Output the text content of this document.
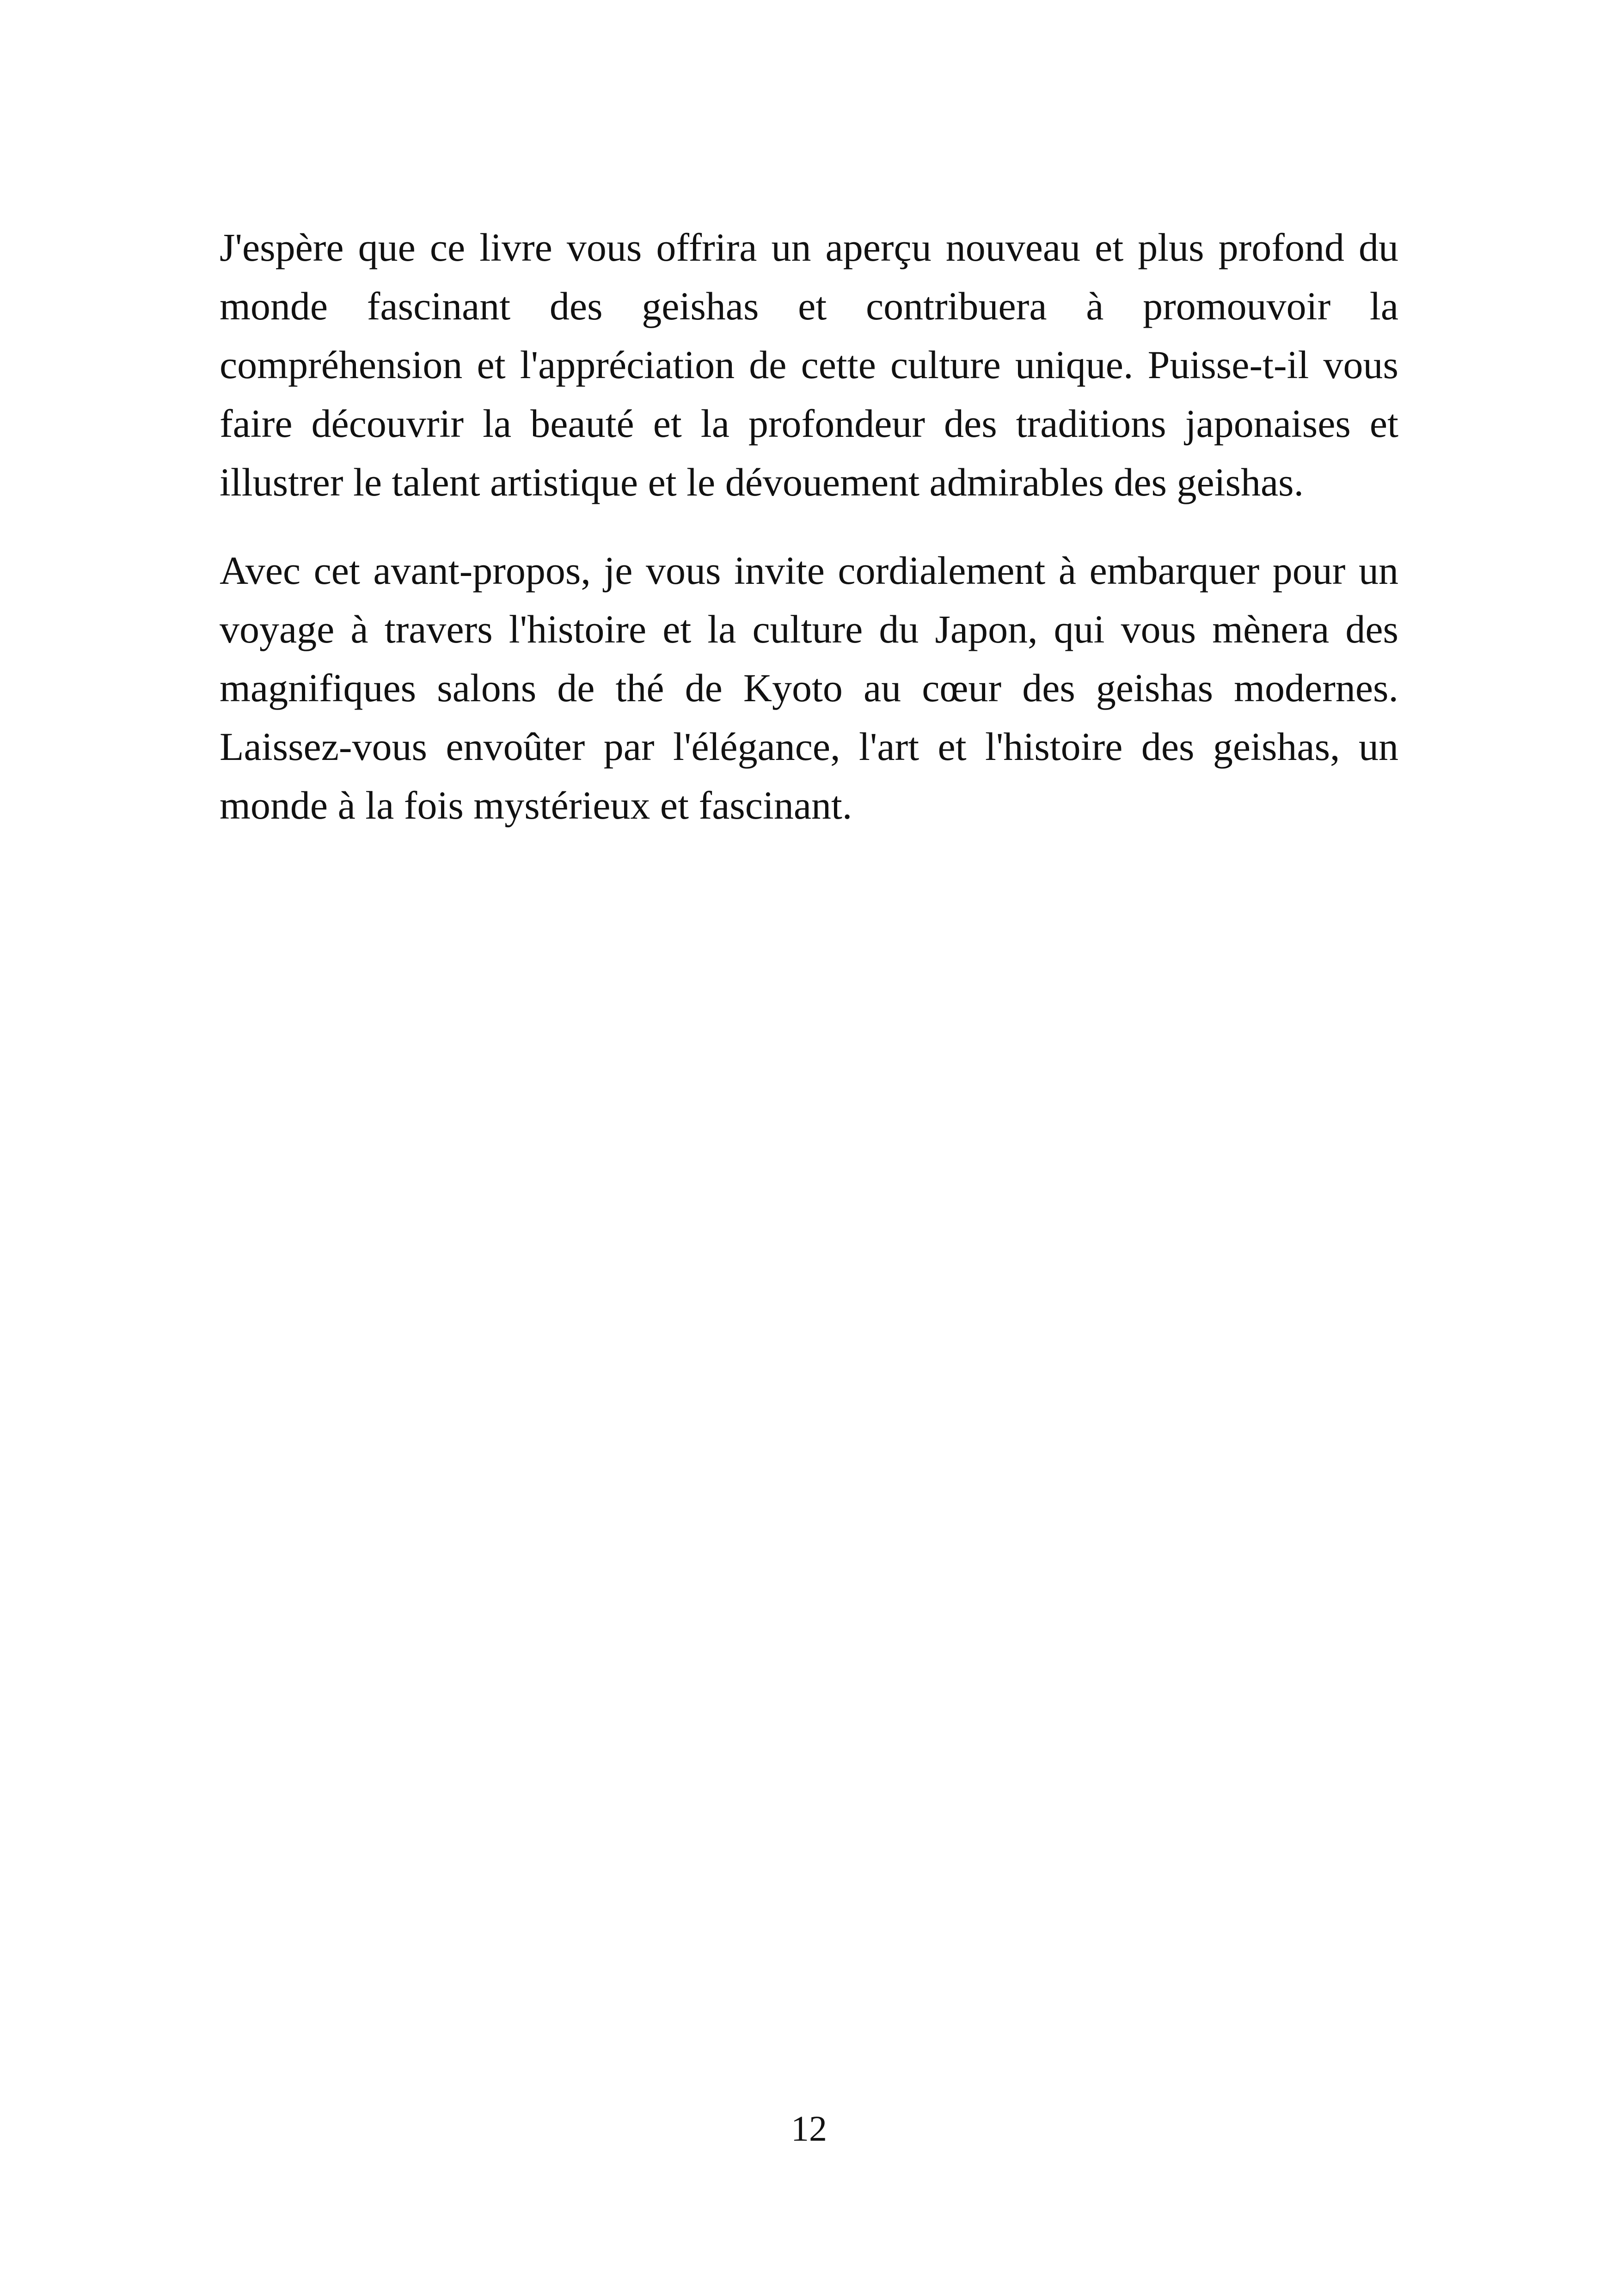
J'espère que ce livre vous offrira un aperçu nouveau et plus profond du monde fascinant des geishas et contribuera à promouvoir la compréhension et l'appréciation de cette culture unique. Puisse-t-il vous faire découvrir la beauté et la profondeur des traditions japonaises et illustrer le talent artistique et le dévouement admirables des geishas.

Avec cet avant-propos, je vous invite cordialement à embarquer pour un voyage à travers l'histoire et la culture du Japon, qui vous mènera des magnifiques salons de thé de Kyoto au cœur des geishas modernes. Laissez-vous envoûter par l'élégance, l'art et l'histoire des geishas, un monde à la fois mystérieux et fascinant.

12
